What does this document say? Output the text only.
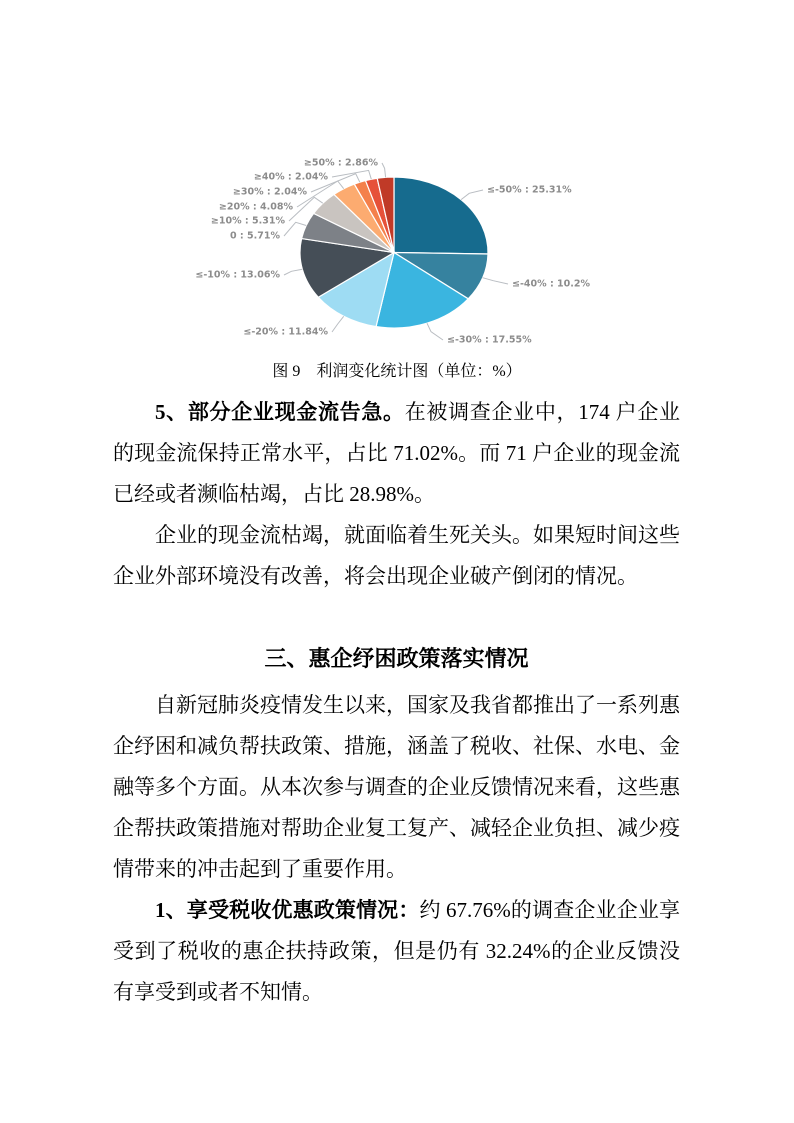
≤-50% : 25.31%
≤-40% : 10.2%
≤-30% : 17.55%
≤-20% : 11.84%
≤-10% : 13.06%
0 : 5.71%
≥10% : 5.31%
≥20% : 4.08%
≥30% : 2.04%
≥40% : 2.04%
≥50% : 2.86%
图 9　利润变化统计图（单位：%）

5、部分企业现金流告急。在被调查企业中，174 户企业的现金流保持正常水平，占比 71.02%。而 71 户企业的现金流已经或者濒临枯竭，占比 28.98%。

企业的现金流枯竭，就面临着生死关头。如果短时间这些企业外部环境没有改善，将会出现企业破产倒闭的情况。

三、惠企纾困政策落实情况

自新冠肺炎疫情发生以来，国家及我省都推出了一系列惠企纾困和减负帮扶政策、措施，涵盖了税收、社保、水电、金融等多个方面。从本次参与调查的企业反馈情况来看，这些惠企帮扶政策措施对帮助企业复工复产、减轻企业负担、减少疫情带来的冲击起到了重要作用。

1、享受税收优惠政策情况：约 67.76%的调查企业企业享受到了税收的惠企扶持政策，但是仍有 32.24%的企业反馈没有享受到或者不知情。
